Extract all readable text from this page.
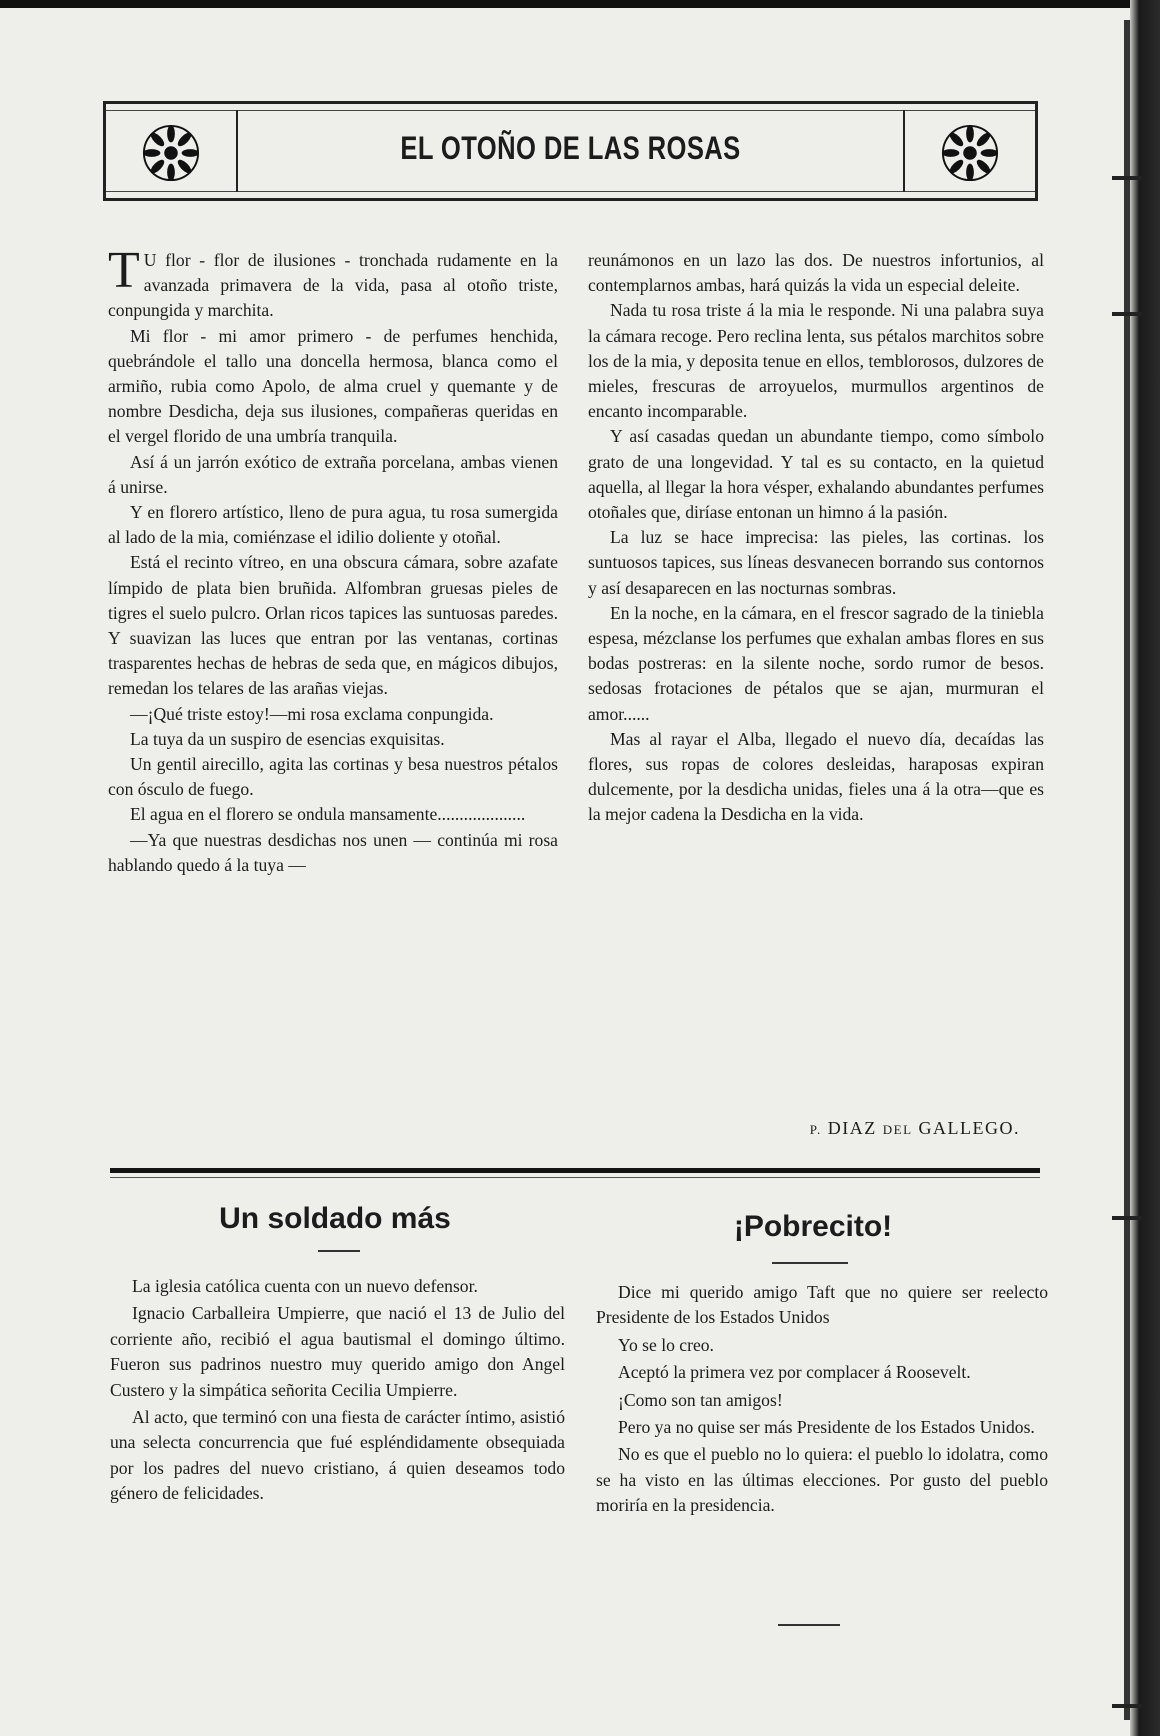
EL OTOÑO DE LAS ROSAS

T U flor - flor de ilusiones - tronchada rudamente en la avanzada primavera de la vida, pasa al otoño triste, conpungida y marchita.

Mi flor - mi amor primero - de perfumes henchida, quebrándole el tallo una doncella hermosa, blanca como el armiño, rubia como Apolo, de alma cruel y quemante y de nombre Desdicha, deja sus ilusiones, compañeras queridas en el vergel florido de una umbría tranquila.

Así á un jarrón exótico de extraña porcelana, ambas vienen á unirse.

Y en florero artístico, lleno de pura agua, tu rosa sumergida al lado de la mia, comiénzase el idilio doliente y otoñal.

Está el recinto vítreo, en una obscura cámara, sobre azafate límpido de plata bien bruñida. Alfombran gruesas pieles de tigres el suelo pulcro. Orlan ricos tapices las suntuosas paredes. Y suavizan las luces que entran por las ventanas, cortinas trasparentes hechas de hebras de seda que, en mágicos dibujos, remedan los telares de las arañas viejas.

—¡Qué triste estoy!—mi rosa exclama conpungida.

La tuya da un suspiro de esencias exquisitas.

Un gentil airecillo, agita las cortinas y besa nuestros pétalos con ósculo de fuego.

El agua en el florero se ondula mansamente....................

—Ya que nuestras desdichas nos unen — continúa mi rosa hablando quedo á la tuya —

reunámonos en un lazo las dos. De nuestros infortunios, al contemplarnos ambas, hará quizás la vida un especial deleite.

Nada tu rosa triste á la mia le responde. Ni una palabra suya la cámara recoge. Pero reclina lenta, sus pétalos marchitos sobre los de la mia, y deposita tenue en ellos, temblorosos, dulzores de mieles, frescuras de arroyuelos, murmullos argentinos de encanto incomparable.

Y así casadas quedan un abundante tiempo, como símbolo grato de una longevidad. Y tal es su contacto, en la quietud aquella, al llegar la hora vésper, exhalando abundantes perfumes otoñales que, diríase entonan un himno á la pasión.

La luz se hace imprecisa: las pieles, las cortinas. los suntuosos tapices, sus líneas desvanecen borrando sus contornos y así desaparecen en las nocturnas sombras.

En la noche, en la cámara, en el frescor sagrado de la tiniebla espesa, mézclanse los perfumes que exhalan ambas flores en sus bodas postreras: en la silente noche, sordo rumor de besos. sedosas frotaciones de pétalos que se ajan, murmuran el amor......

Mas al rayar el Alba, llegado el nuevo día, decaídas las flores, sus ropas de colores desleidas, haraposas expiran dulcemente, por la desdicha unidas, fieles una á la otra—que es la mejor cadena la Desdicha en la vida.

P. DIAZ DEL GALLEGO.
Un soldado más

La iglesia católica cuenta con un nuevo defensor.

Ignacio Carballeira Umpierre, que nació el 13 de Julio del corriente año, recibió el agua bautismal el domingo último. Fueron sus padrinos nuestro muy querido amigo don Angel Custero y la simpática señorita Cecilia Umpierre.

Al acto, que terminó con una fiesta de carácter íntimo, asistió una selecta concurrencia que fué espléndidamente obsequiada por los padres del nuevo cristiano, á quien deseamos todo género de felicidades.

¡Pobrecito!

Dice mi querido amigo Taft que no quiere ser reelecto Presidente de los Estados Unidos

Yo se lo creo.

Aceptó la primera vez por complacer á Roosevelt.

¡Como son tan amigos!

Pero ya no quise ser más Presidente de los Estados Unidos.

No es que el pueblo no lo quiera: el pueblo lo idolatra, como se ha visto en las últimas elecciones. Por gusto del pueblo moriría en la presidencia.
